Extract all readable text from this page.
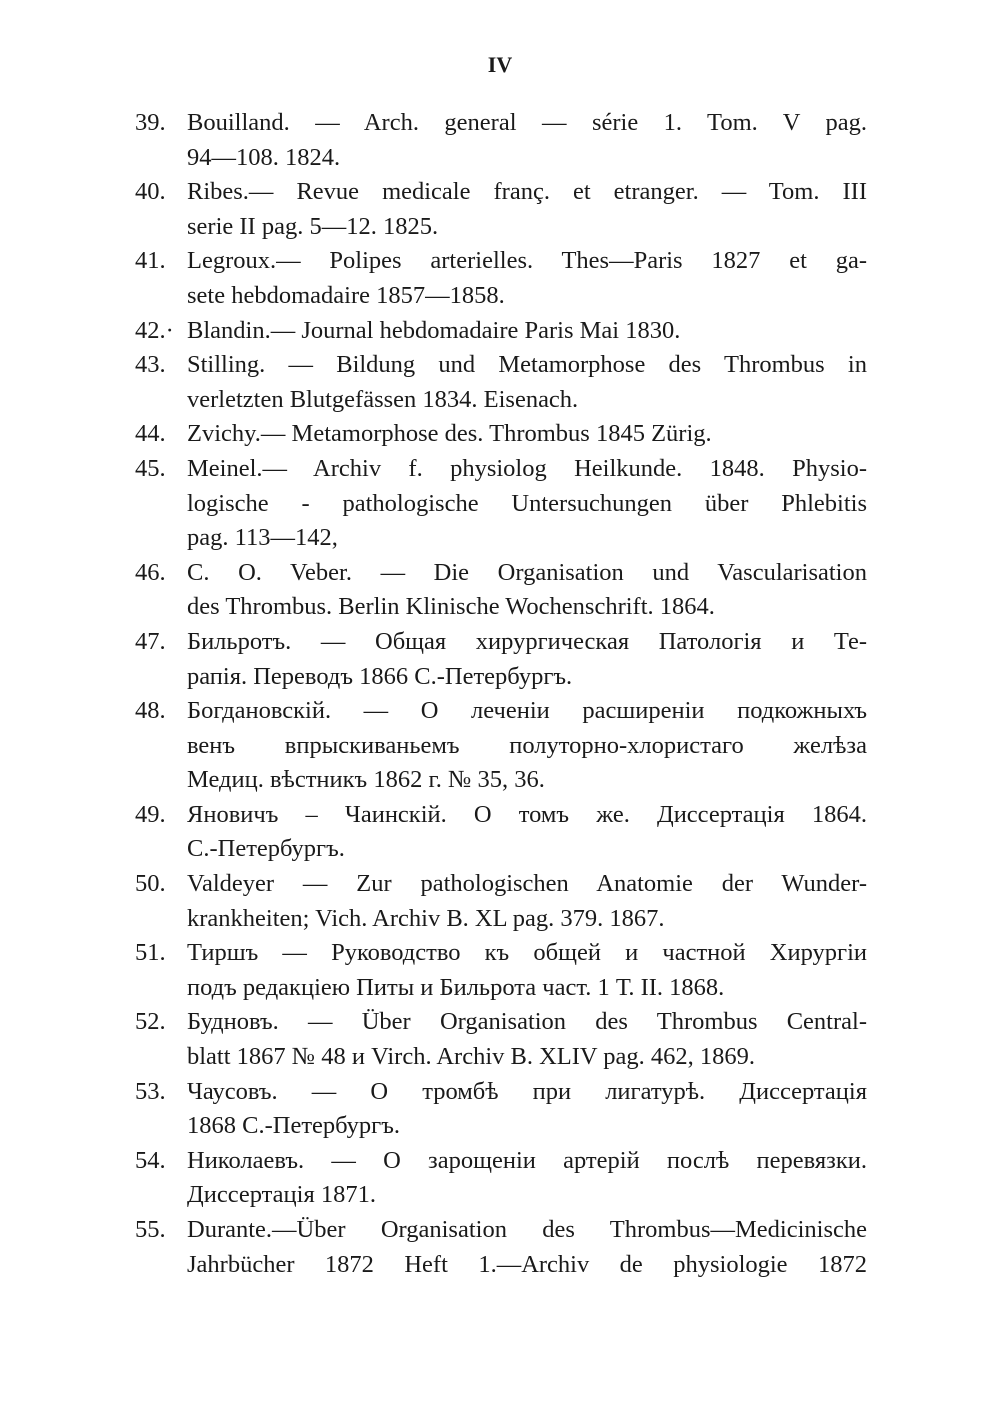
IV
39. Bouilland. — Arch. general — série 1. Tom. V pag.
94—108. 1824.
40. Ribes.— Revue medicale franç. et etranger. — Tom. III
serie II pag. 5—12. 1825.
41. Legroux.— Polipes arterielles. Thes—Paris 1827 et ga-
sete hebdomadaire 1857—1858.
42.· Blandin.— Journal hebdomadaire Paris Mai 1830.
43. Stilling. — Bildung und Metamorphose des Thrombus in
verletzten Blutgefässen 1834. Eisenach.
44. Zvichy.— Metamorphose des. Thrombus 1845 Zürig.
45. Meinel.— Archiv f. physiolog Heilkunde. 1848. Physio-
logische - pathologische Untersuchungen über Phlebitis
pag. 113—142,
46. C. O. Veber. — Die Organisation und Vascularisation
des Thrombus. Berlin Klinische Wochenschrift. 1864.
47. Бильротъ. — Общая хирургическая Патологія и Те-
рапія. Переводъ 1866 С.-Петербургъ.
48. Богдановскій. — О леченіи расширеніи подкожныхъ
венъ впрыскиваньемъ полуторно-хлористаго желѣза
Медиц. вѣстникъ 1862 г. № 35, 36.
49. Яновичъ – Чаинскій. О томъ же. Диссертація 1864.
С.-Петербургъ.
50. Valdeyer — Zur pathologischen Anatomie der Wunder-
krankheiten; Vich. Archiv B. XL pag. 379. 1867.
51. Тиршъ — Руководство къ общей и частной Хирургіи
подъ редакціею Питы и Бильрота част. 1 Т. II. 1868.
52. Будновъ. — Über Organisation des Thrombus Central-
blatt 1867 № 48 и Virch. Archiv B. XLIV pag. 462, 1869.
53. Чаусовъ. — О тромбѣ при лигатурѣ. Диссертація
1868 С.-Петербургъ.
54. Николаевъ. — О зарощеніи артерій послѣ перевязки.
Диссертація 1871.
55. Durante.—Über Organisation des Thrombus—Medicinische
Jahrbücher 1872 Heft 1.—Archiv de physiologie 1872
